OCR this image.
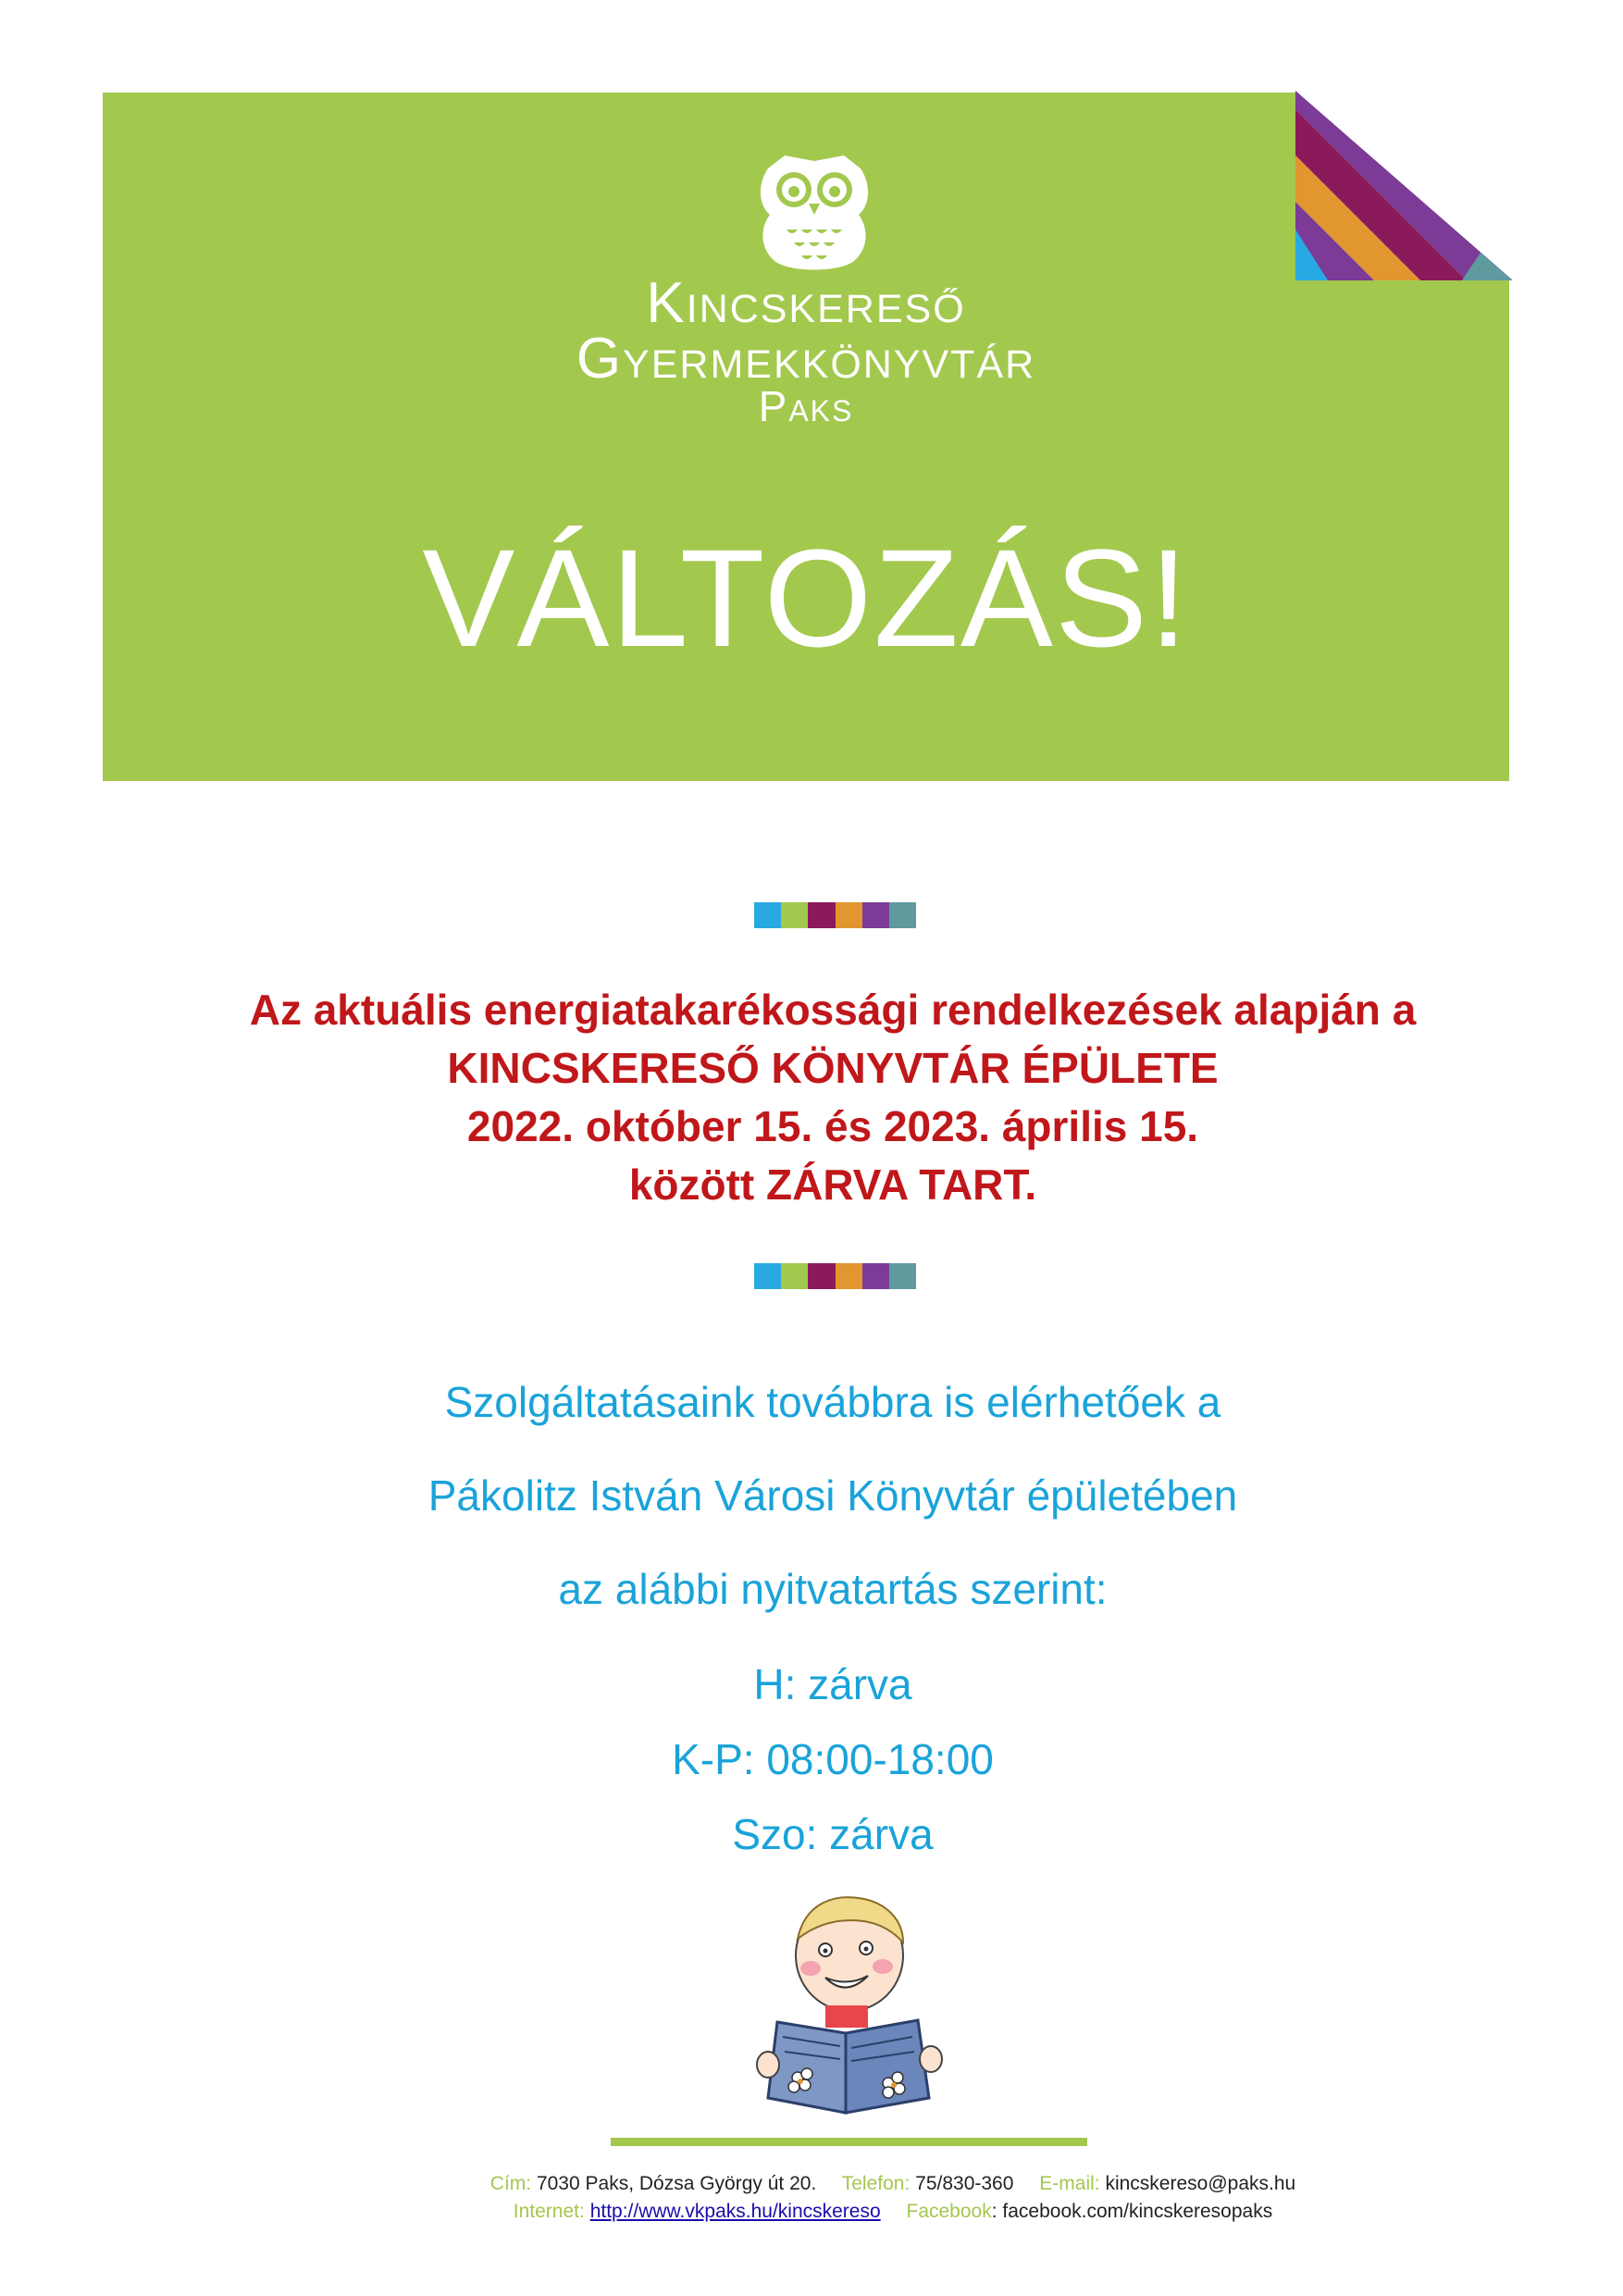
Kincskereső
Gyermekkönyvtár
Paks
VÁLTOZÁS!
Az aktuális energiatakarékossági rendelkezések alapján a
KINCSKERESŐ KÖNYVTÁR ÉPÜLETE
2022. október 15. és 2023. április 15.
között ZÁRVA TART.
Szolgáltatásaink továbbra is elérhetőek a
Pákolitz István Városi Könyvtár épületében
az alábbi nyitvatartás szerint:
H: zárva
K-P: 08:00-18:00
Szo: zárva
Cím: 7030 Paks, Dózsa György út 20. Telefon: 75/830-360 E-mail: kincskereso@paks.hu
Internet: http://www.vkpaks.hu/kincskereso Facebook: facebook.com/kincskeresopaks
